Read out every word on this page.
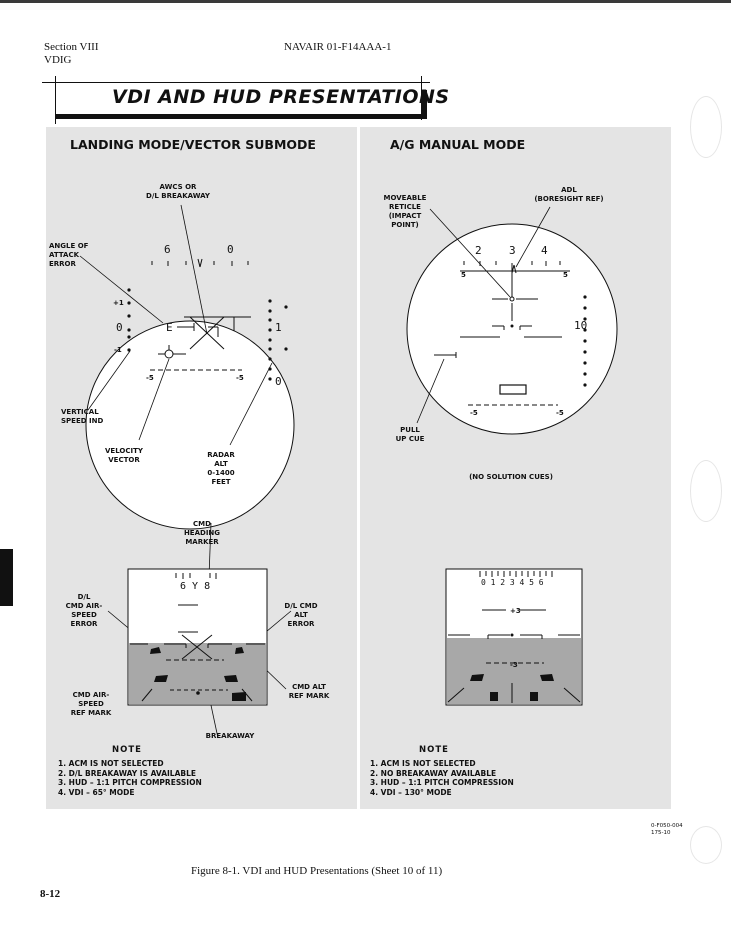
Section VIII
VDIG
NAVAIR 01-F14AAA-1
VDI AND HUD PRESENTATIONS
LANDING MODE/VECTOR SUBMODE
6	0
+1
0
-1
1
0
E
-5	-5
AWCS OR
D/L BREAKAWAY
ANGLE OF
ATTACK
ERROR
VERTICAL
SPEED IND
VELOCITY
VECTOR
RADAR
ALT
0-1400
FEET
CMD
HEADING
MARKER
D/L
CMD AIR-
SPEED
ERROR
D/L CMD
ALT
ERROR
CMD ALT
REF MARK
CMD AIR-
SPEED
REF MARK
BREAKAWAY
6 Y 8
NOTE
1. ACM IS NOT SELECTED
2. D/L BREAKAWAY IS AVAILABLE
3. HUD – 1:1 PITCH COMPRESSION
4. VDI – 65° MODE
A/G MANUAL MODE
2 3 4
5	5
-5	-5
10
MOVEABLE
RETICLE
(IMPACT
POINT)
ADL
(BORESIGHT REF)
PULL
UP CUE
(NO SOLUTION CUES)
0 1 2 3 4 5 6
+3
-3
NOTE
1. ACM IS NOT SELECTED
2. NO BREAKAWAY AVAILABLE
3. HUD – 1:1 PITCH COMPRESSION
4. VDI – 130° MODE
0-F050-004
175-10
Figure 8-1. VDI and HUD Presentations (Sheet 10 of 11)
8-12
